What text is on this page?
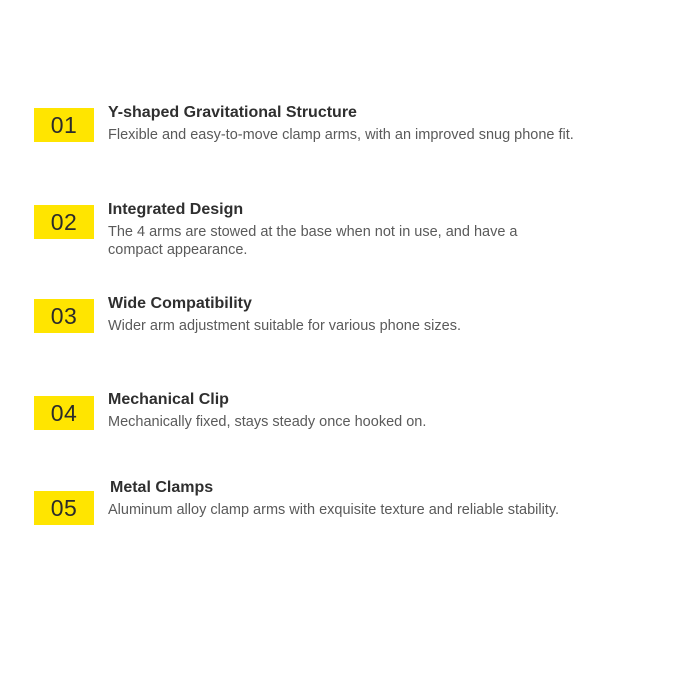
01	Y-shaped Gravitational Structure
Flexible and easy-to-move clamp arms, with an improved snug phone fit.
02	Integrated Design
The 4 arms are stowed at the base when not in use, and have a compact appearance.
03	Wide Compatibility
Wider arm adjustment suitable for various phone sizes.
04
Mechanical Clip
Mechanically fixed, stays steady once hooked on.
05
Metal Clamps
Aluminum alloy clamp arms with exquisite texture and reliable stability.
